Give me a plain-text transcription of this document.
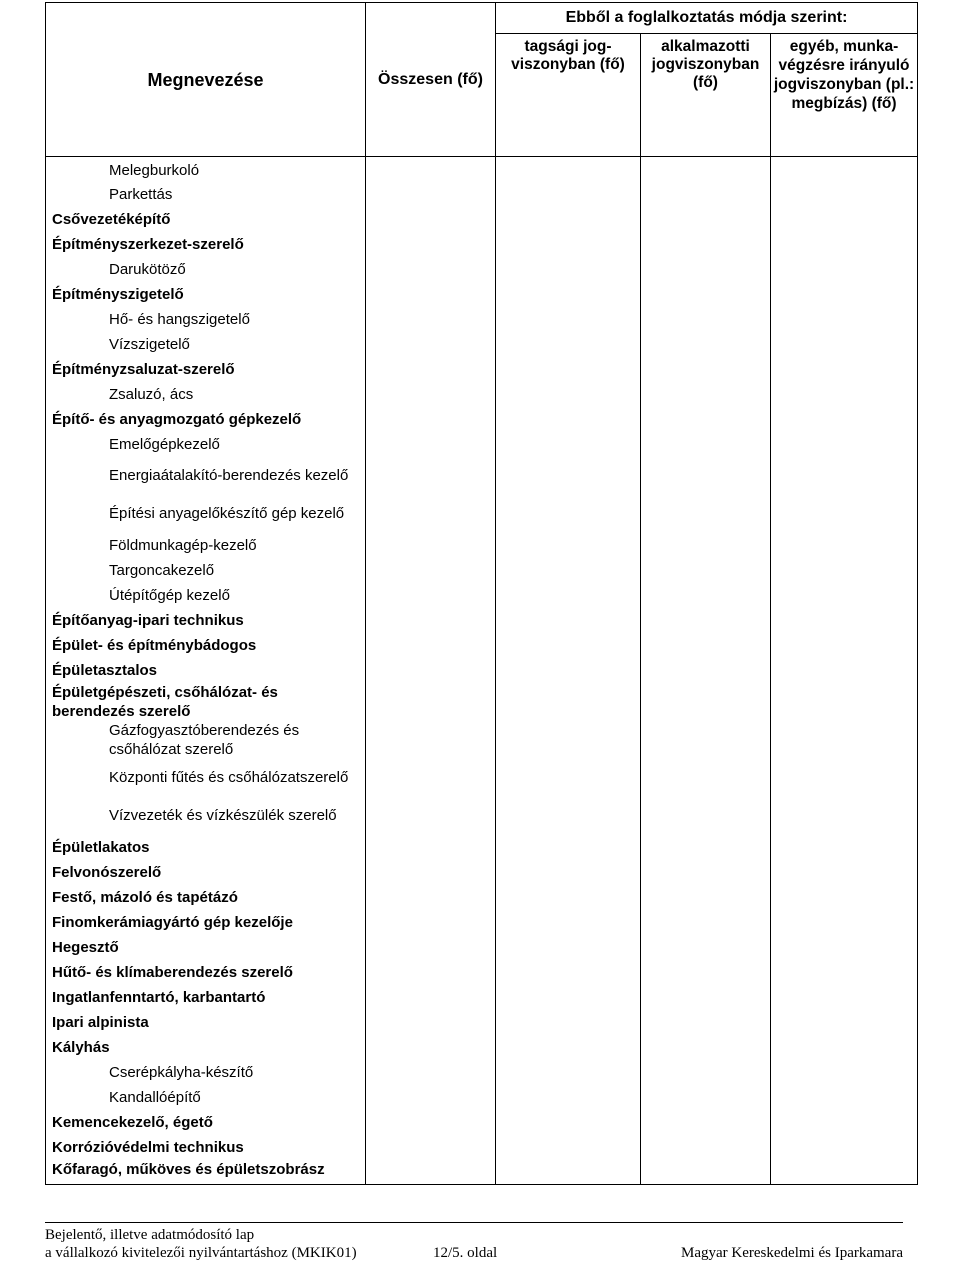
Megnevezése	Összesen (fő)	Ebből a foglalkoztatás módja szerint:		
		tagsági jog-viszonyban (fő)	alkalmazotti jogviszonyban (fő)	egyéb, munka-végzésre irányuló jogviszonyban (pl.: megbízás) (fő)

Melegburkoló				

Parkettás				

Csővezetéképítő				

Építményszerkezet-szerelő				

Darukötöző				

Építményszigetelő				

Hő- és hangszigetelő				

Vízszigetelő				

Építményzsaluzat-szerelő				

Zsaluzó, ács				

Építő- és anyagmozgató gépkezelő				

Emelőgépkezelő				

Energiaátalakító-berendezés kezelő				

Építési anyagelőkészítő gép kezelő				

Földmunkagép-kezelő				

Targoncakezelő				

Útépítőgép kezelő				

Építőanyag-ipari technikus				

Épület- és építménybádogos				

Épületasztalos				

Épületgépészeti, csőhálózat- és berendezés szerelő				

Gázfogyasztóberendezés és csőhálózat szerelő				

Központi fűtés és csőhálózatszerelő				

Vízvezeték és vízkészülék szerelő				

Épületlakatos				

Felvonószerelő				

Festő, mázoló és tapétázó				

Finomkerámiagyártó gép kezelője				

Hegesztő				

Hűtő- és klímaberendezés szerelő				

Ingatlanfenntartó, karbantartó				

Ipari alpinista				

Kályhás				

Cserépkályha-készítő				

Kandallóépítő				

Kemencekezelő, égető				

Korrózióvédelmi technikus				

Kőfaragó, műköves és épületszobrász				

Bejelentő, illetve adatmódosító lap
a vállalkozó kivitelezői nyilvántartáshoz (MKIK01)	12/5. oldal	Magyar Kereskedelmi és Iparkamara
